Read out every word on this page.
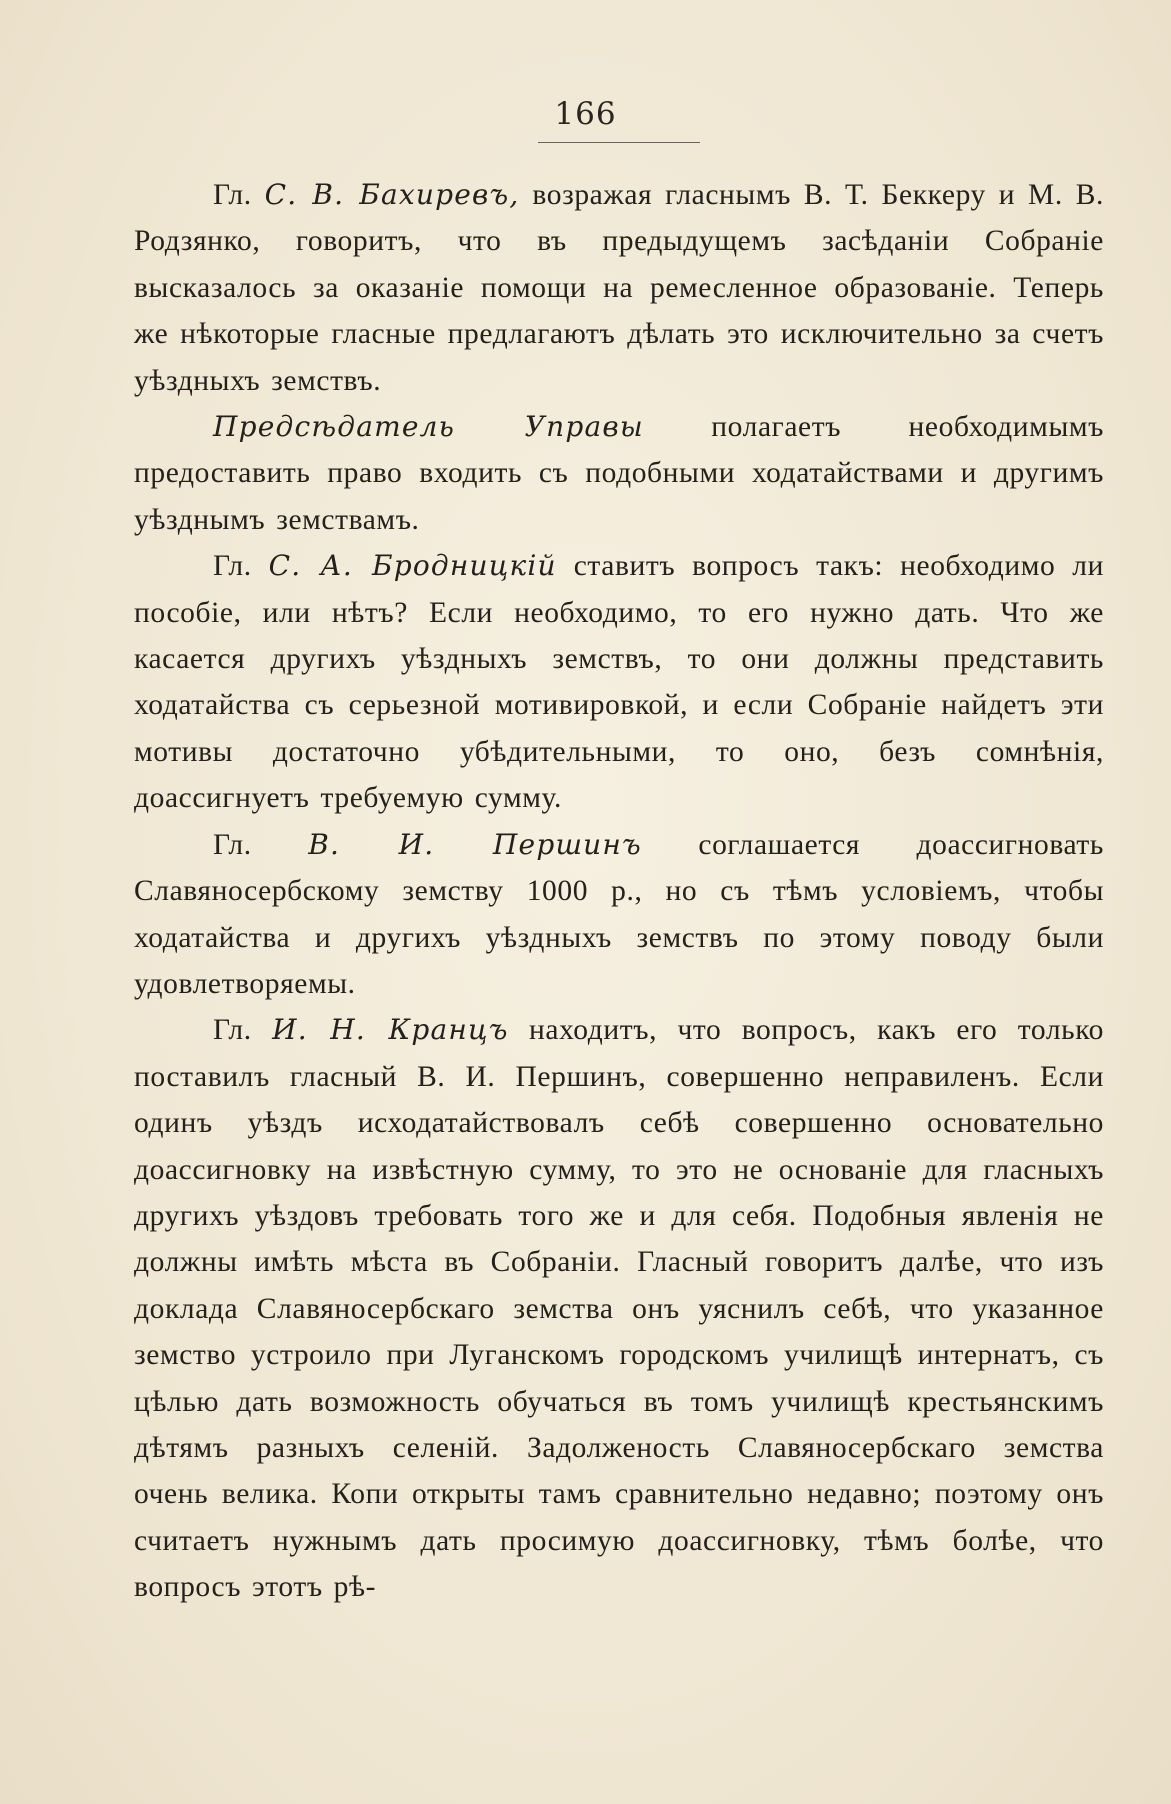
166

Гл. С. В. Бахиревъ, возражая гласнымъ В. Т. Беккеру и М. В. Родзянко, говоритъ, что въ предыдущемъ засѣданіи Собраніе высказалось за оказаніе помощи на ремесленное образованіе. Теперь же нѣкоторые гласные предлагаютъ дѣлать это исключительно за счетъ уѣздныхъ земствъ.

Предсѣдатель Управы полагаетъ необходимымъ предоставить право входить съ подобными ходатайствами и другимъ уѣзднымъ земствамъ.

Гл. С. А. Бродницкій ставитъ вопросъ такъ: необходимо ли пособіе, или нѣтъ? Если необходимо, то его нужно дать. Что же касается другихъ уѣздныхъ земствъ, то они должны представить ходатайства съ серьезной мотивировкой, и если Собраніе найдетъ эти мотивы достаточно убѣдительными, то оно, безъ сомнѣнія, доассигнуетъ требуемую сумму.

Гл. В. И. Першинъ соглашается доассигновать Славяносербскому земству 1000 р., но съ тѣмъ условіемъ, чтобы ходатайства и другихъ уѣздныхъ земствъ по этому поводу были удовлетворяемы.

Гл. И. Н. Кранцъ находитъ, что вопросъ, какъ его только поставилъ гласный В. И. Першинъ, совершенно неправиленъ. Если одинъ уѣздъ исходатайствовалъ себѣ совершенно основательно доассигновку на извѣстную сумму, то это не основаніе для гласныхъ другихъ уѣздовъ требовать того же и для себя. Подобныя явленія не должны имѣть мѣста въ Собраніи. Гласный говоритъ далѣе, что изъ доклада Славяносербскаго земства онъ уяснилъ себѣ, что указанное земство устроило при Луганскомъ городскомъ училищѣ интернатъ, съ цѣлью дать возможность обучаться въ томъ училищѣ крестьянскимъ дѣтямъ разныхъ селеній. Задолженость Славяносербскаго земства очень велика. Копи открыты тамъ сравнительно недавно; поэтому онъ считаетъ нужнымъ дать просимую доассигновку, тѣмъ болѣе, что вопросъ этотъ рѣ-
